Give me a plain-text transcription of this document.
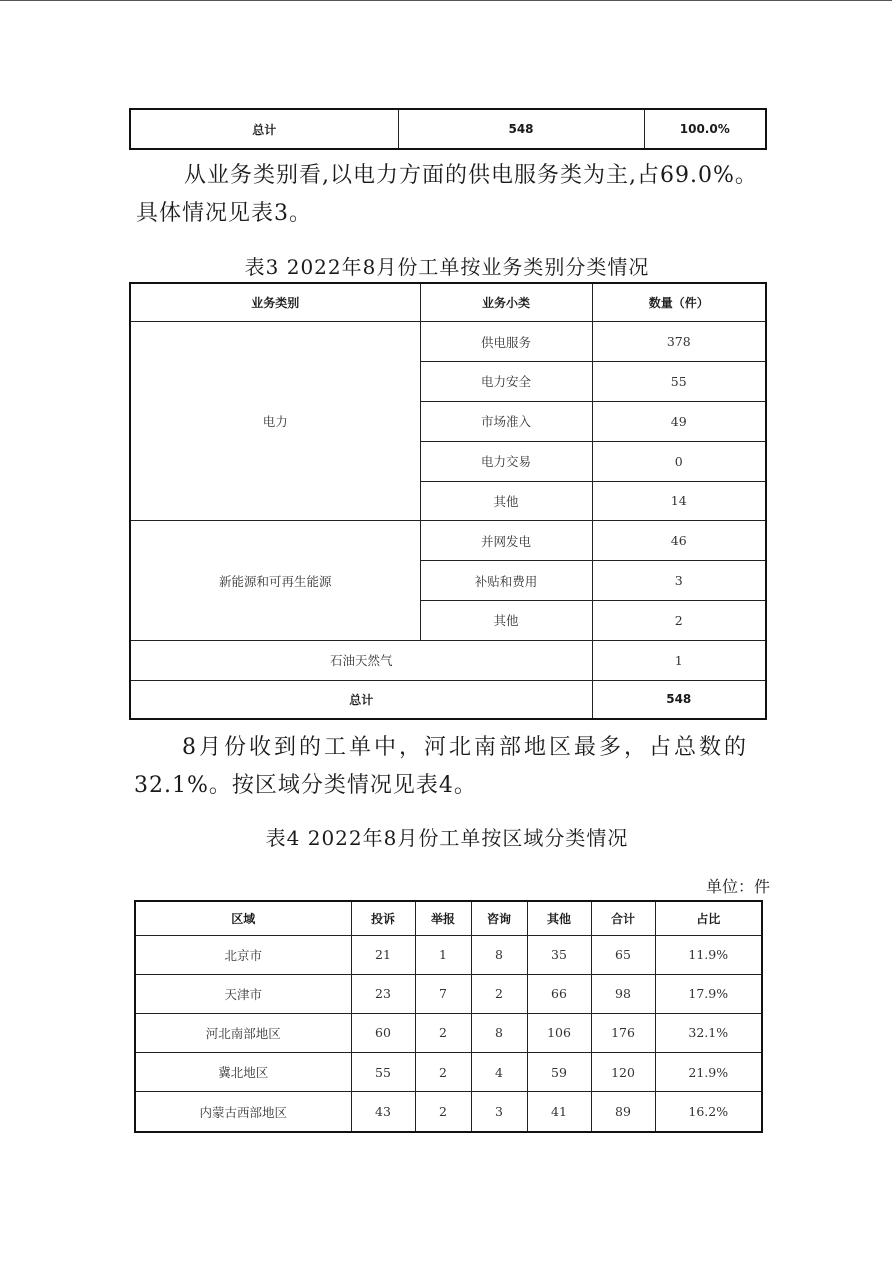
总计	548	100.0%
从业务类别看,以电力方面的供电服务类为主,占69.0%。
具体情况见表3。
表3 2022年8月份工单按业务类别分类情况
业务类别	业务小类	数量（件）
电力	供电服务	378
	电力安全	55
	市场准入	49
	电力交易	0
	其他	14
新能源和可再生能源	并网发电	46
	补贴和费用	3
	其他	2
石油天然气		1
总计		548
8月份收到的工单中，河北南部地区最多，占总数的
32.1%。按区域分类情况见表4。
表4 2022年8月份工单按区域分类情况
单位：件
区域	投诉	举报	咨询	其他	合计	占比
北京市	21	1	8	35	65	11.9%
天津市	23	7	2	66	98	17.9%
河北南部地区	60	2	8	106	176	32.1%
冀北地区	55	2	4	59	120	21.9%
内蒙古西部地区	43	2	3	41	89	16.2%
